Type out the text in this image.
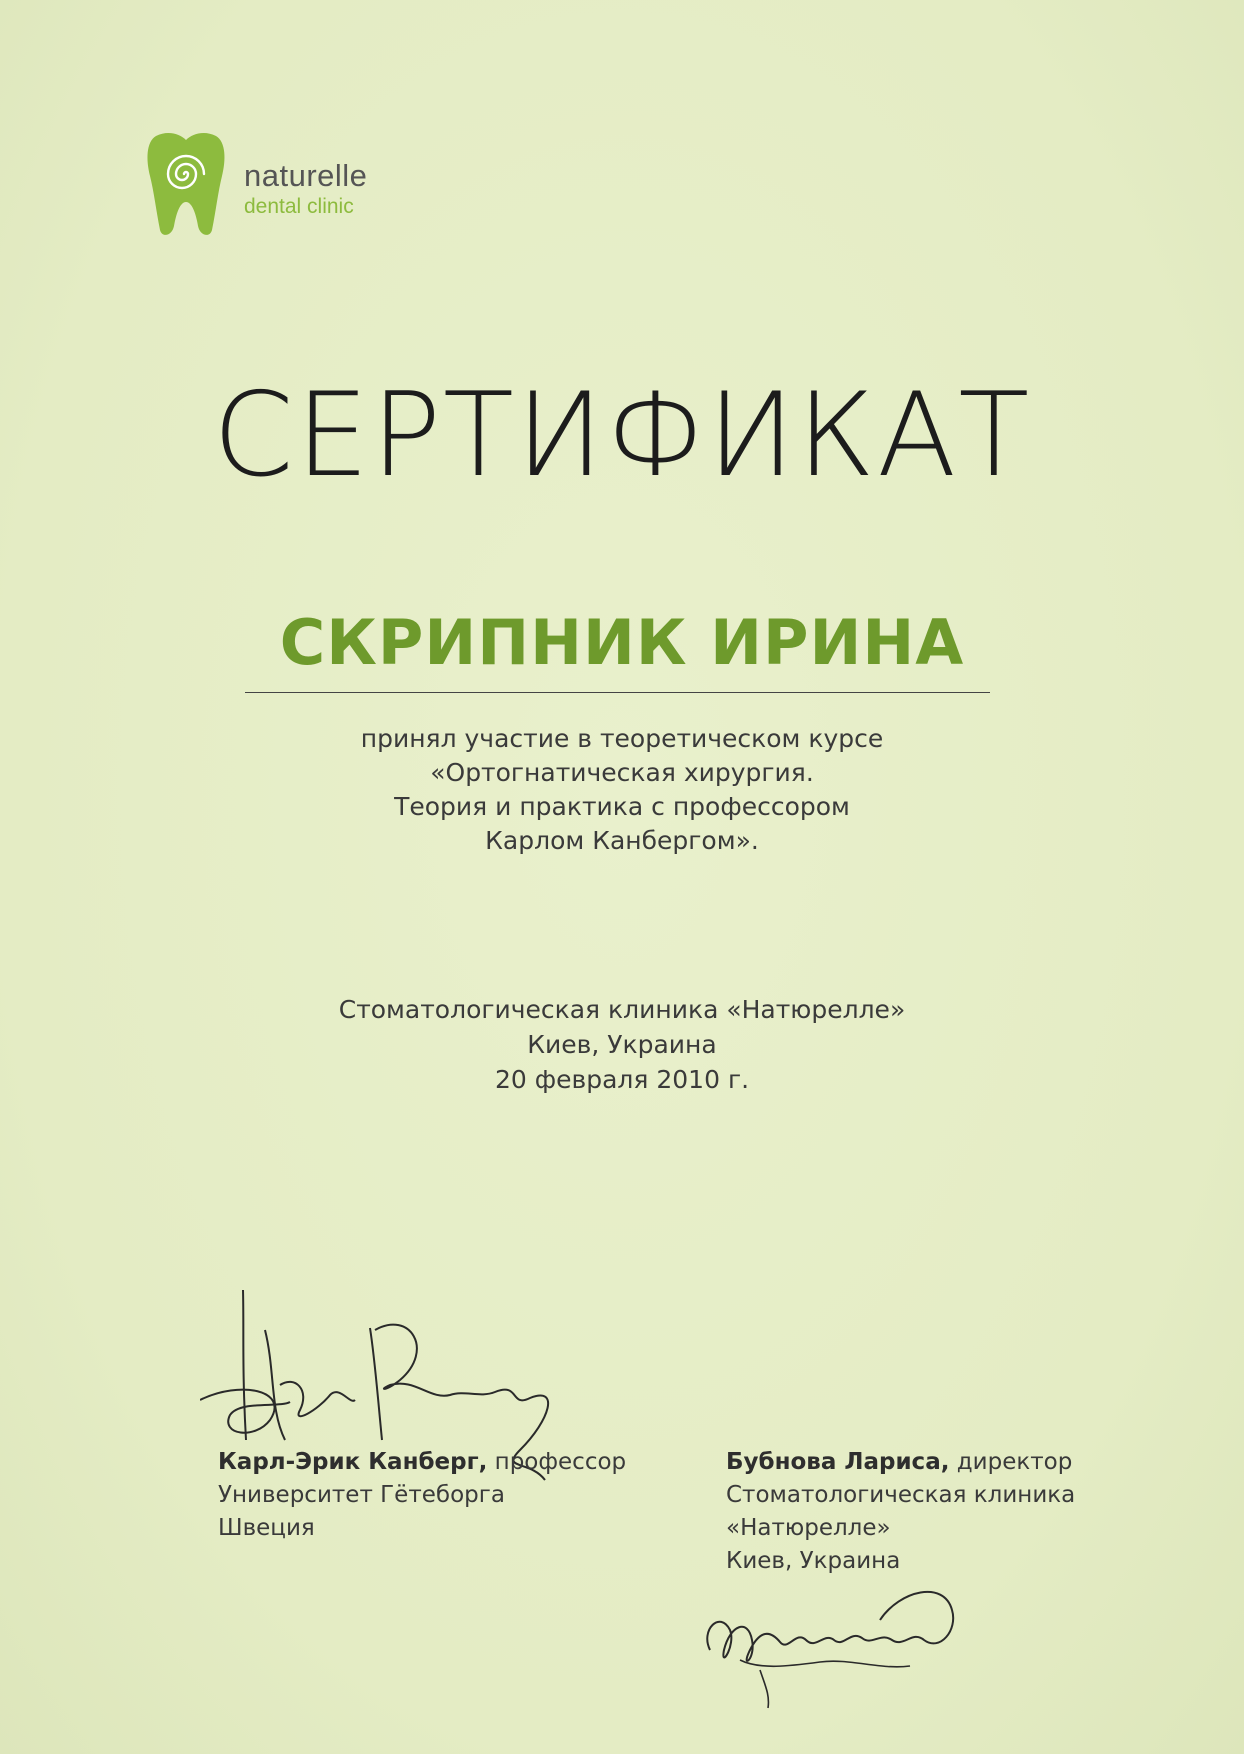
naturelle
dental clinic
СЕРТИФИКАТ
СКРИПНИК ИРИНА
принял участие в теоретическом курсе
«Ортогнатическая хирургия.
Теория и практика с профессором
Карлом Канбергом».
Стоматологическая клиника «Натюрелле»
Киев, Украина
20 февраля 2010 г.
Карл-Эрик Канберг, профессор
Университет Гётеборга
Швеция
Бубнова Лариса, директор
Стоматологическая клиника
«Натюрелле»
Киев, Украина
